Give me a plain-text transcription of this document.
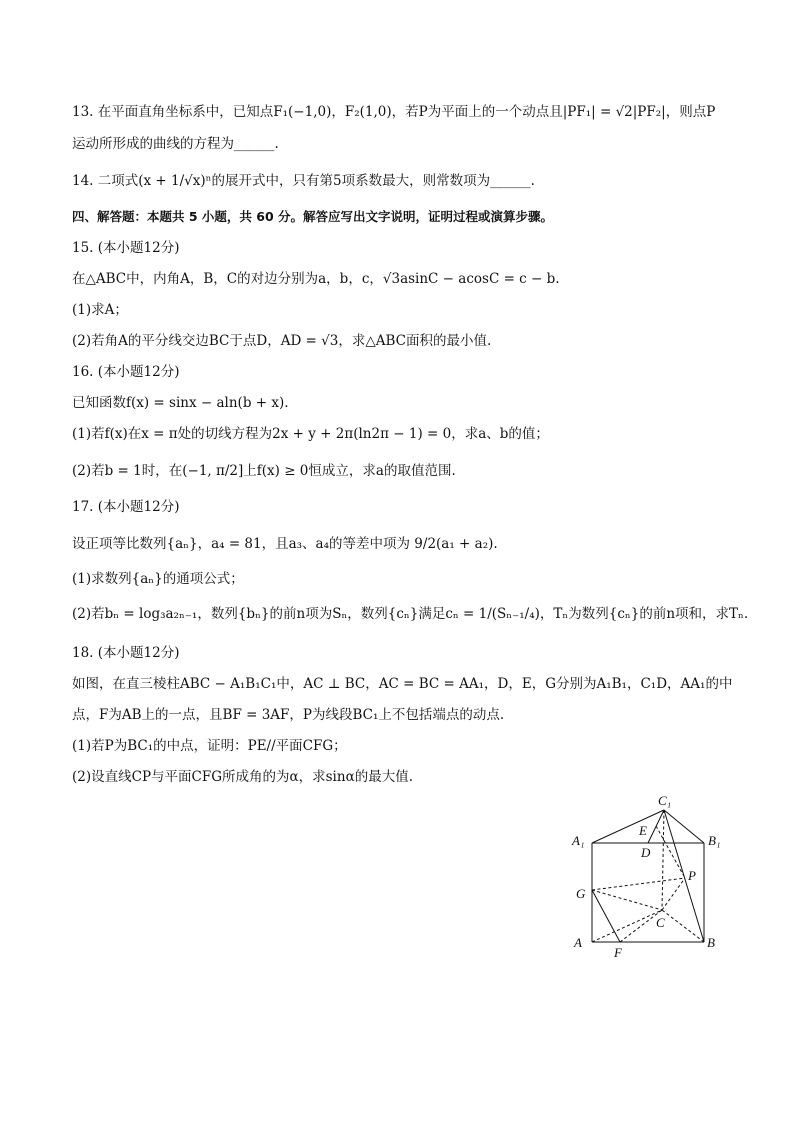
13. 在平面直角坐标系中，已知点F₁(−1,0)，F₂(1,0)，若P为平面上的一个动点且|PF₁| = √2|PF₂|，则点P
运动所形成的曲线的方程为______.
14. 二项式(x + 1/√x)ⁿ的展开式中，只有第5项系数最大，则常数项为______.
四、解答题：本题共 5 小题，共 60 分。解答应写出文字说明，证明过程或演算步骤。
15. (本小题12分)
在△ABC中，内角A，B，C的对边分别为a，b，c，√3asinC − acosC = c − b.
(1)求A；
(2)若角A的平分线交边BC于点D，AD = √3，求△ABC面积的最小值.
16. (本小题12分)
已知函数f(x) = sinx − aln(b + x).
(1)若f(x)在x = π处的切线方程为2x + y + 2π(ln2π − 1) = 0，求a、b的值；
(2)若b = 1时，在(−1, π/2]上f(x) ≥ 0恒成立，求a的取值范围.
17. (本小题12分)
设正项等比数列{aₙ}，a₄ = 81，且a₃、a₄的等差中项为 9/2(a₁ + a₂).
(1)求数列{aₙ}的通项公式；
(2)若bₙ = log₃a₂ₙ₋₁，数列{bₙ}的前n项为Sₙ，数列{cₙ}满足cₙ = 1/(Sₙ₋₁/₄)，Tₙ为数列{cₙ}的前n项和，求Tₙ.
18. (本小题12分)
如图，在直三棱柱ABC − A₁B₁C₁中，AC ⊥ BC，AC = BC = AA₁，D，E，G分别为A₁B₁，C₁D，AA₁的中
点，F为AB上的一点，且BF = 3AF，P为线段BC₁上不包括端点的动点.
(1)若P为BC₁的中点，证明：PE//平面CFG；
(2)设直线CP与平面CFG所成角的为α，求sinα的最大值.
C₁
A₁	B₁
E
D
P
G
C
A	B
F
